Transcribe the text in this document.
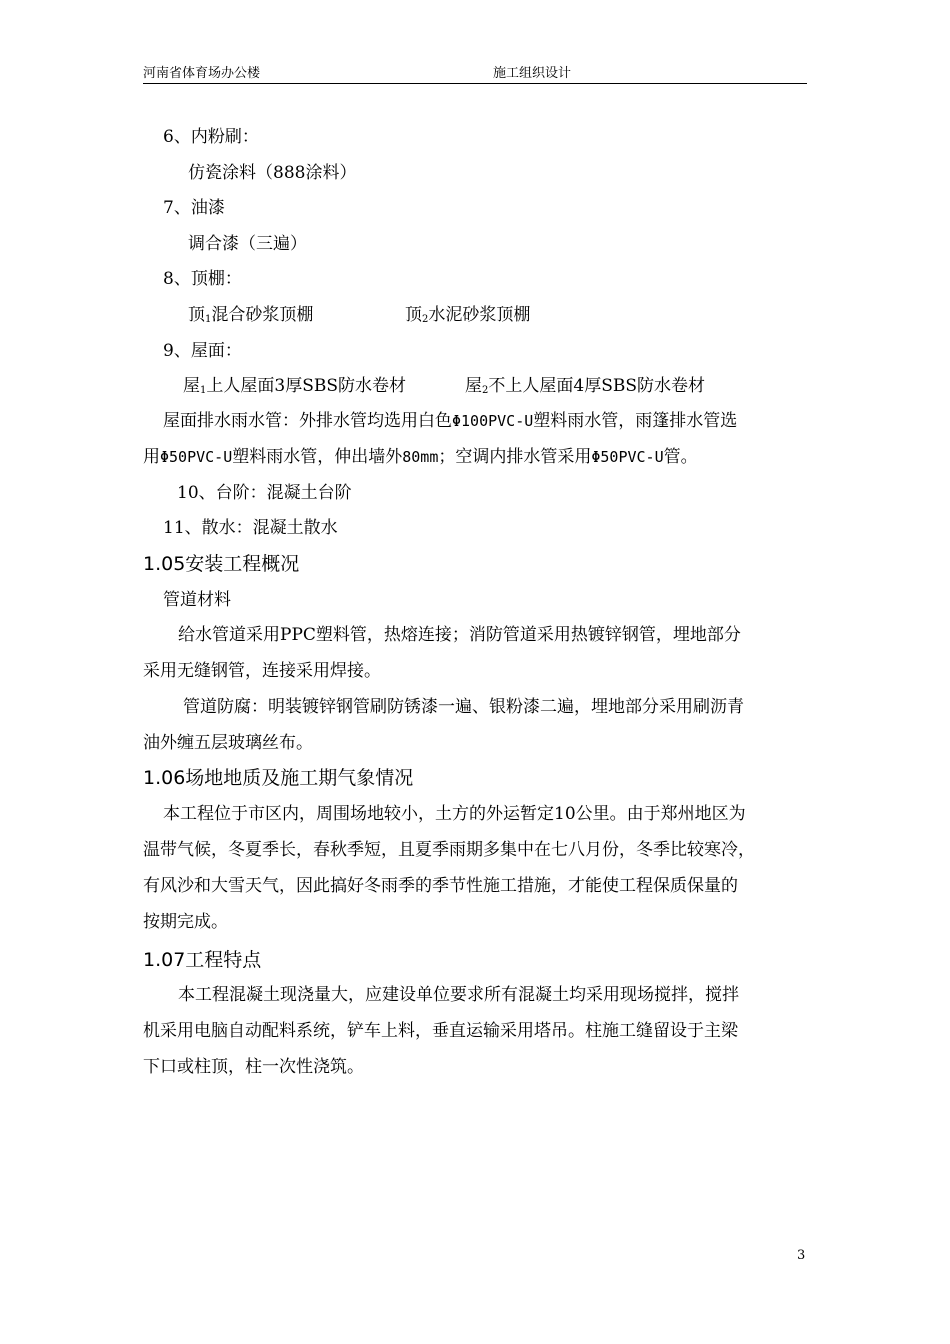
河南省体育场办公楼	施工组织设计
6、内粉刷：
仿瓷涂料（888涂料）
7、油漆
调合漆（三遍）
8、顶棚：
顶$_1$混合砂浆顶棚	顶$_2$水泥砂浆顶棚
9、屋面：
屋$_1$上人屋面3厚SBS防水卷材	屋$_2$不上人屋面4厚SBS防水卷材
屋面排水雨水管：外排水管均选用白色Φ100PVC-U塑料雨水管，雨篷排水管选
用Φ50PVC-U塑料雨水管，伸出墙外80mm；空调内排水管采用Φ50PVC-U管。
10、台阶：混凝土台阶
11、散水：混凝土散水
1.05安装工程概况
管道材料
给水管道采用PPC塑料管，热熔连接；消防管道采用热镀锌钢管，埋地部分
采用无缝钢管，连接采用焊接。
管道防腐：明装镀锌钢管刷防锈漆一遍、银粉漆二遍，埋地部分采用刷沥青
油外缠五层玻璃丝布。
1.06场地地质及施工期气象情况
本工程位于市区内，周围场地较小，土方的外运暂定10公里。由于郑州地区为
温带气候，冬夏季长，春秋季短，且夏季雨期多集中在七八月份，冬季比较寒冷，
有风沙和大雪天气，因此搞好冬雨季的季节性施工措施，才能使工程保质保量的
按期完成。
1.07工程特点
本工程混凝土现浇量大，应建设单位要求所有混凝土均采用现场搅拌，搅拌
机采用电脑自动配料系统，铲车上料，垂直运输采用塔吊。柱施工缝留设于主梁
下口或柱顶，柱一次性浇筑。
3
